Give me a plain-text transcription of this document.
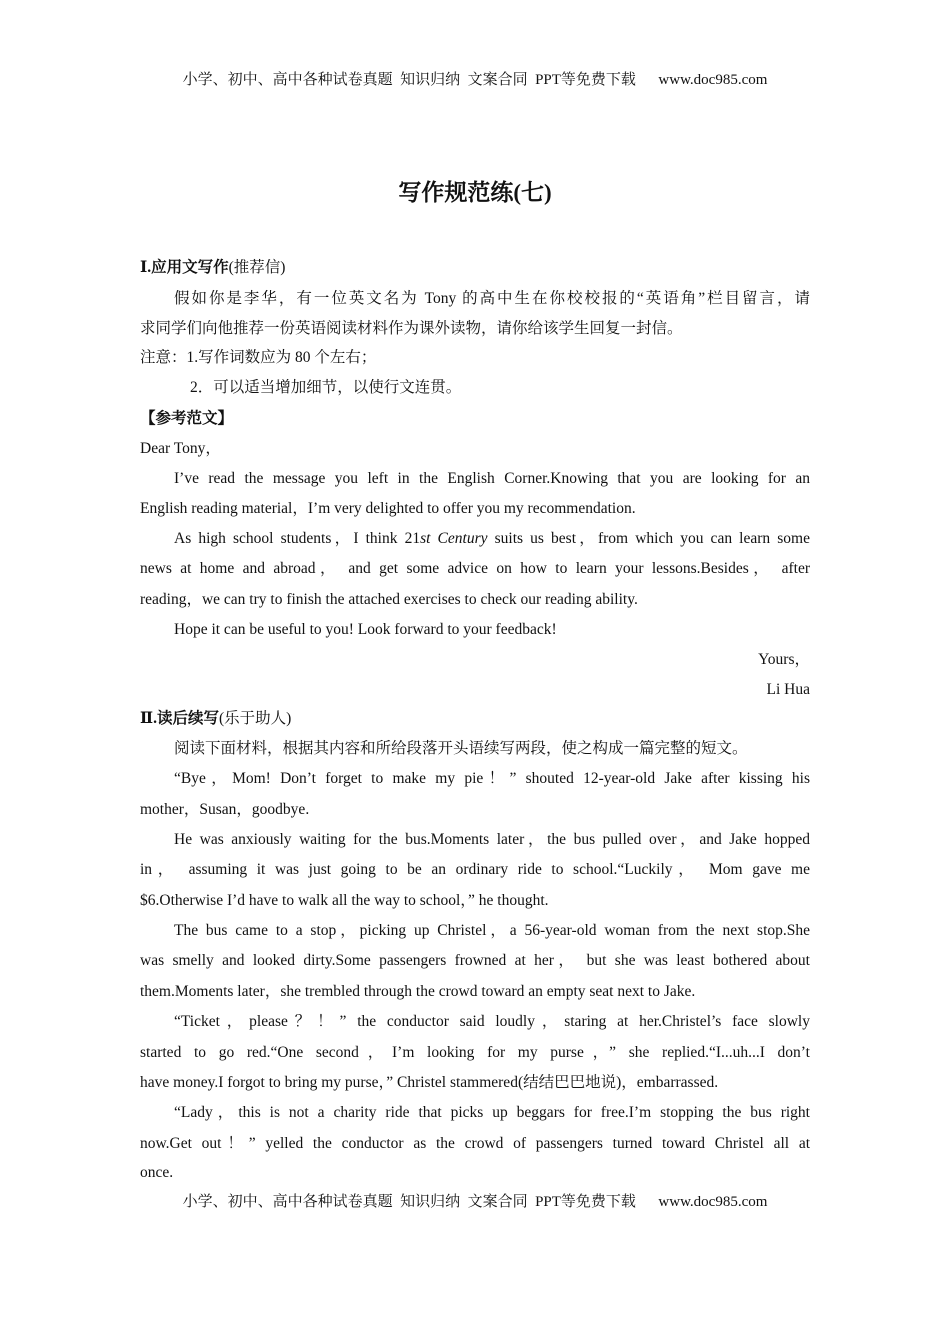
小学、初中、高中各种试卷真题  知识归纳  文案合同  PPT等免费下载      www.doc985.com
写作规范练(七)
Ⅰ.应用文写作(推荐信)
假如你是李华，有一位英文名为 Tony 的高中生在你校校报的“英语角”栏目留言，请
求同学们向他推荐一份英语阅读材料作为课外读物，请你给该学生回复一封信。
注意：1.写作词数应为 80 个左右；
2．可以适当增加细节，以使行文连贯。
【参考范文】
Dear Tony，
I’ve read the message you left in the English Corner.Knowing that you are looking for an
English reading material，I’m very delighted to offer you my recommendation.
As high school students，I think 21st Century suits us best，from which you can learn some
news at home and abroad， and get some advice on how to learn your lessons.Besides， after
reading，we can try to finish the attached exercises to check our reading ability.
Hope it can be useful to you! Look forward to your feedback!
Yours，
Li Hua
Ⅱ.读后续写(乐于助人)
阅读下面材料，根据其内容和所给段落开头语续写两段，使之构成一篇完整的短文。
“Bye，Mom! Don’t forget to make my pie！” shouted 12-year-old Jake after kissing his
mother，Susan，goodbye.
He was anxiously waiting for the bus.Moments later，the bus pulled over，and Jake hopped
in， assuming it was just going to be an ordinary ride to school.“Luckily， Mom gave me
$6.Otherwise I’d have to walk all the way to school，” he thought.
The bus came to a stop，picking up Christel，a 56-year-old woman from the next stop.She
was smelly and looked dirty.Some passengers frowned at her， but she was least bothered about
them.Moments later，she trembled through the crowd toward an empty seat next to Jake.
“Ticket，please？！” the conductor said loudly，staring at her.Christel’s face slowly
started to go red.“One second，I’m looking for my purse，” she replied.“I...uh...I don’t
have money.I forgot to bring my purse，” Christel stammered(结结巴巴地说)，embarrassed.
“Lady，this is not a charity ride that picks up beggars for free.I’m stopping the bus right
now.Get out！” yelled the conductor as the crowd of passengers turned toward Christel all at
once.
小学、初中、高中各种试卷真题  知识归纳  文案合同  PPT等免费下载      www.doc985.com
